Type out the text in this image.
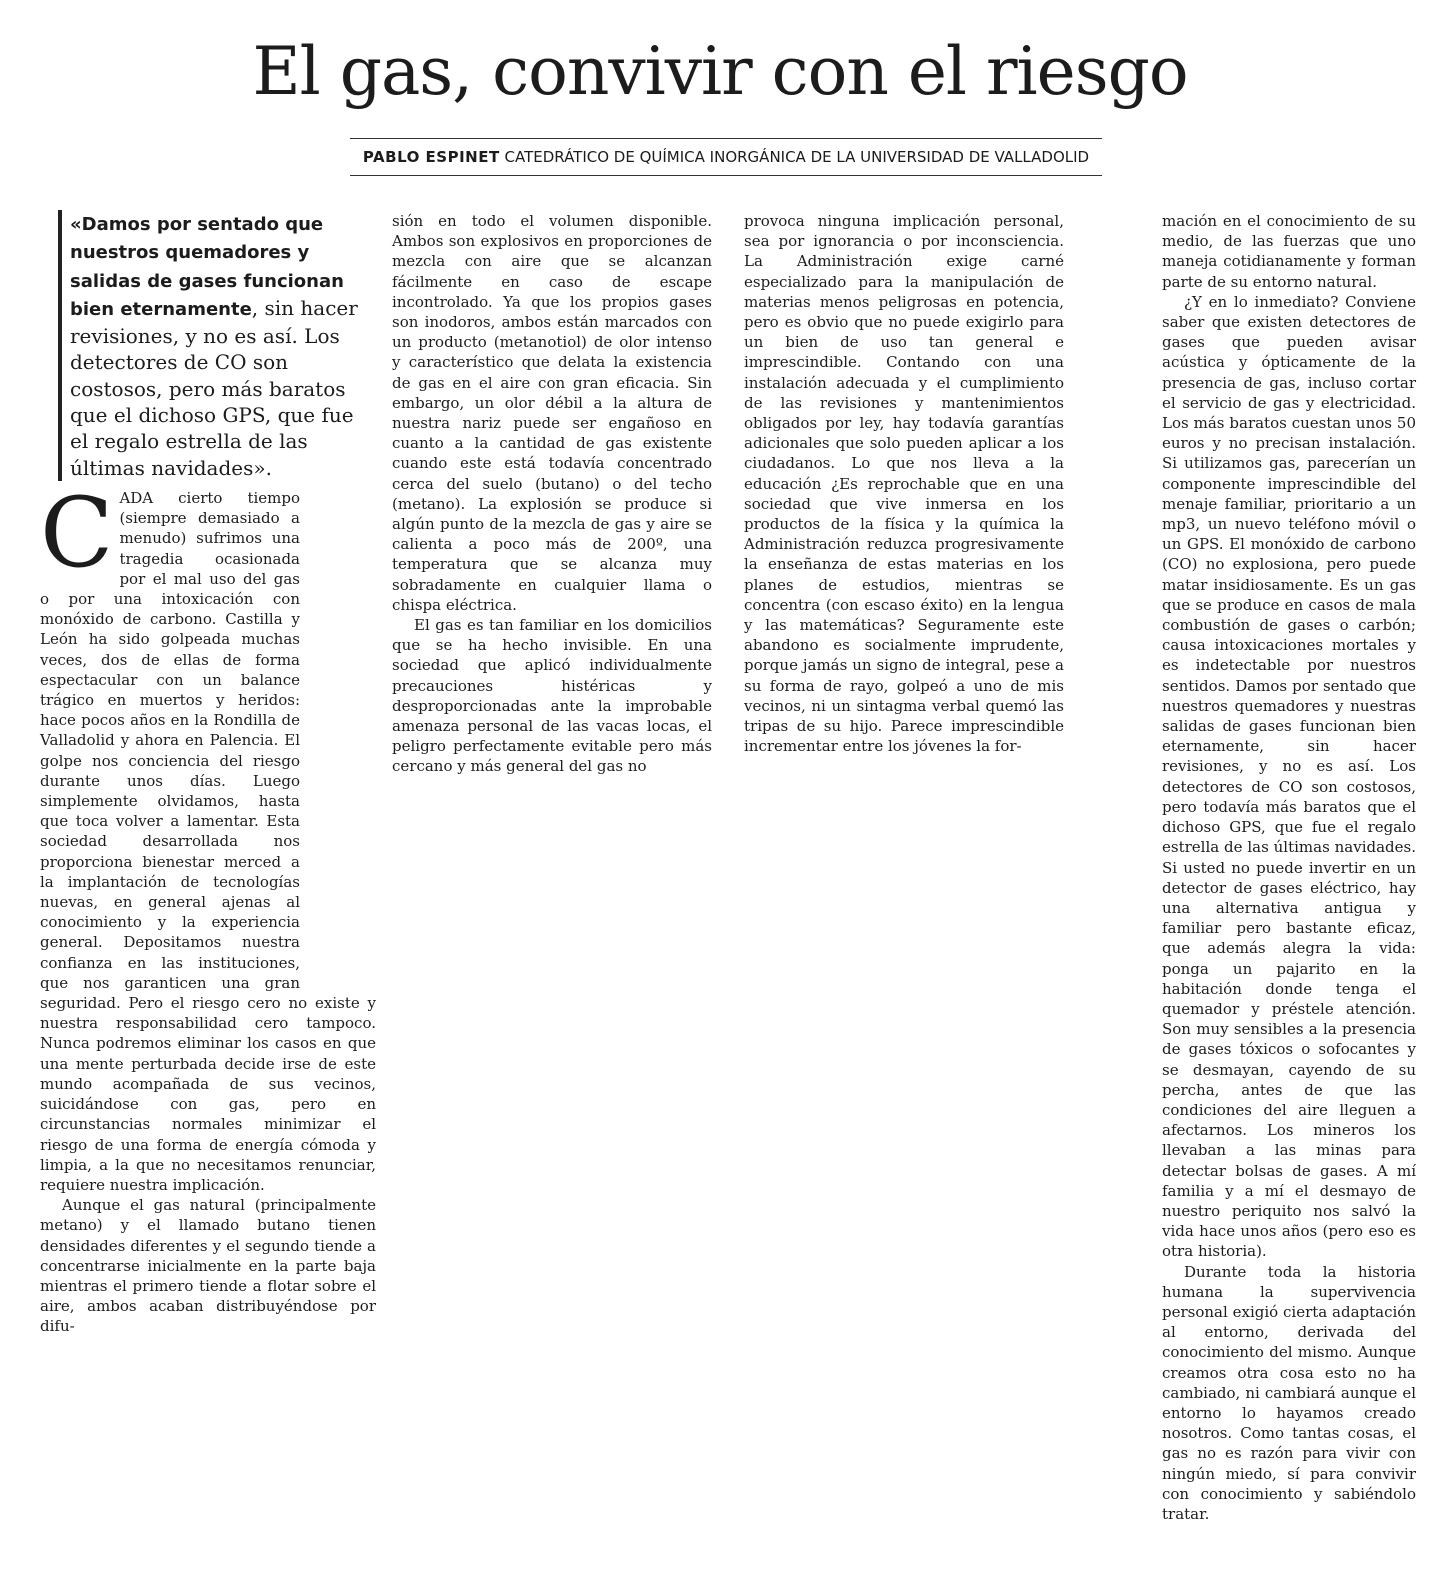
El gas, convivir con el riesgo
PABLO ESPINET CATEDRÁTICO DE QUÍMICA INORGÁNICA DE LA UNIVERSIDAD DE VALLADOLID
«Damos por sentado que nuestros quemadores y salidas de gases funcionan bien eternamente, sin hacer revisiones, y no es así. Los detectores de CO son costosos, pero más baratos que el dichoso GPS, que fue el regalo estrella de las últimas navidades».

CADA cierto tiempo (siempre demasiado a menudo) sufrimos una tragedia ocasionada por el mal uso del gas o por una intoxicación con monóxido de carbono. Castilla y León ha sido golpeada muchas veces, dos de ellas de forma espectacular con un balance trágico en muertos y heridos: hace pocos años en la Rondilla de Valladolid y ahora en Palencia. El golpe nos conciencia del riesgo durante unos días. Luego simplemente olvidamos, hasta que toca volver a lamentar. Esta sociedad desarrollada nos proporciona bienestar merced a la implantación de tecnologías nuevas, en general ajenas al conocimiento y la experiencia general. Depositamos nuestra confianza en las instituciones, que nos garanticen una gran seguridad. Pero el riesgo cero no existe y nuestra responsabilidad cero tampoco. Nunca podremos eliminar los casos en que una mente perturbada decide irse de este mundo acompañada de sus vecinos, suicidándose con gas, pero en circunstancias normales minimizar el riesgo de una forma de energía cómoda y limpia, a la que no necesitamos renunciar, requiere nuestra implicación.

Aunque el gas natural (principalmente metano) y el llamado butano tienen densidades diferentes y el segundo tiende a concentrarse inicialmente en la parte baja mientras el primero tiende a flotar sobre el aire, ambos acaban distribuyéndose por difu-

sión en todo el volumen disponible. Ambos son explosivos en proporciones de mezcla con aire que se alcanzan fácilmente en caso de escape incontrolado. Ya que los propios gases son inodoros, ambos están marcados con un producto (metanotiol) de olor intenso y característico que delata la existencia de gas en el aire con gran eficacia. Sin embargo, un olor débil a la altura de nuestra nariz puede ser engañoso en cuanto a la cantidad de gas existente cuando este está todavía concentrado cerca del suelo (butano) o del techo (metano). La explosión se produce si algún punto de la mezcla de gas y aire se calienta a poco más de 200º, una temperatura que se alcanza muy sobradamente en cualquier llama o chispa eléctrica.

El gas es tan familiar en los domicilios que se ha hecho invisible. En una sociedad que aplicó individualmente precauciones histéricas y desproporcionadas ante la improbable amenaza personal de las vacas locas, el peligro perfectamente evitable pero más cercano y más general del gas no

provoca ninguna implicación personal, sea por ignorancia o por inconsciencia. La Administración exige carné especializado para la manipulación de materias menos peligrosas en potencia, pero es obvio que no puede exigirlo para un bien de uso tan general e imprescindible. Contando con una instalación adecuada y el cumplimiento de las revisiones y mantenimientos obligados por ley, hay todavía garantías adicionales que solo pueden aplicar a los ciudadanos. Lo que nos lleva a la educación ¿Es reprochable que en una sociedad que vive inmersa en los productos de la física y la química la Administración reduzca progresivamente la enseñanza de estas materias en los planes de estudios, mientras se concentra (con escaso éxito) en la lengua y las matemáticas? Seguramente este abandono es socialmente imprudente, porque jamás un signo de integral, pese a su forma de rayo, golpeó a uno de mis vecinos, ni un sintagma verbal quemó las tripas de su hijo. Parece imprescindible incrementar entre los jóvenes la for-

mación en el conocimiento de su medio, de las fuerzas que uno maneja cotidianamente y forman parte de su entorno natural.

¿Y en lo inmediato? Conviene saber que existen detectores de gases que pueden avisar acústica y ópticamente de la presencia de gas, incluso cortar el servicio de gas y electricidad. Los más baratos cuestan unos 50 euros y no precisan instalación. Si utilizamos gas, parecerían un componente imprescindible del menaje familiar, prioritario a un mp3, un nuevo teléfono móvil o un GPS. El monóxido de carbono (CO) no explosiona, pero puede matar insidiosamente. Es un gas que se produce en casos de mala combustión de gases o carbón; causa intoxicaciones mortales y es indetectable por nuestros sentidos. Damos por sentado que nuestros quemadores y nuestras salidas de gases funcionan bien eternamente, sin hacer revisiones, y no es así. Los detectores de CO son costosos, pero todavía más baratos que el dichoso GPS, que fue el regalo estrella de las últimas navidades. Si usted no puede invertir en un detector de gases eléctrico, hay una alternativa antigua y familiar pero bastante eficaz, que además alegra la vida: ponga un pajarito en la habitación donde tenga el quemador y préstele atención. Son muy sensibles a la presencia de gases tóxicos o sofocantes y se desmayan, cayendo de su percha, antes de que las condiciones del aire lleguen a afectarnos. Los mineros los llevaban a las minas para detectar bolsas de gases. A mí familia y a mí el desmayo de nuestro periquito nos salvó la vida hace unos años (pero eso es otra historia).

Durante toda la historia humana la supervivencia personal exigió cierta adaptación al entorno, derivada del conocimiento del mismo. Aunque creamos otra cosa esto no ha cambiado, ni cambiará aunque el entorno lo hayamos creado nosotros. Como tantas cosas, el gas no es razón para vivir con ningún miedo, sí para convivir con conocimiento y sabiéndolo tratar.
